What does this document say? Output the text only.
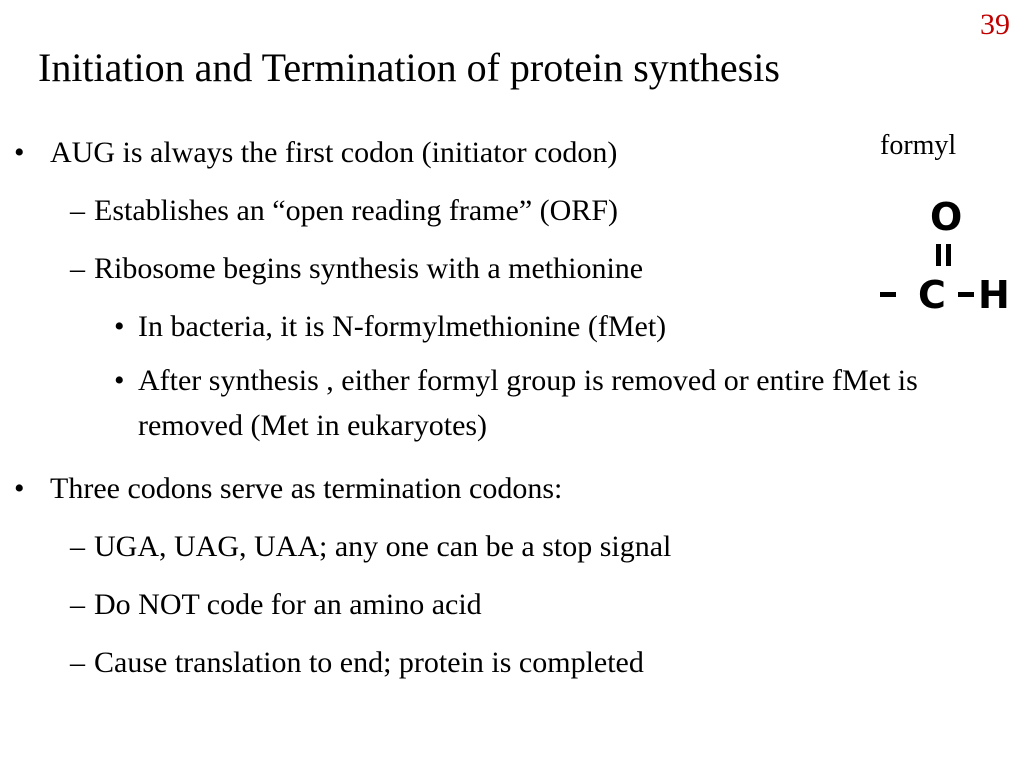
39
Initiation and Termination of protein synthesis
• AUG is always the first codon (initiator codon)
– Establishes an “open reading frame” (ORF)
– Ribosome begins synthesis with a methionine
• In bacteria, it is N-formylmethionine (fMet)
• After synthesis , either formyl group is removed or entire fMet is removed (Met in eukaryotes)
• Three codons serve as termination codons:
– UGA, UAG, UAA; any one can be a stop signal
– Do NOT code for an amino acid
– Cause translation to end; protein is completed
formyl
O
C H
